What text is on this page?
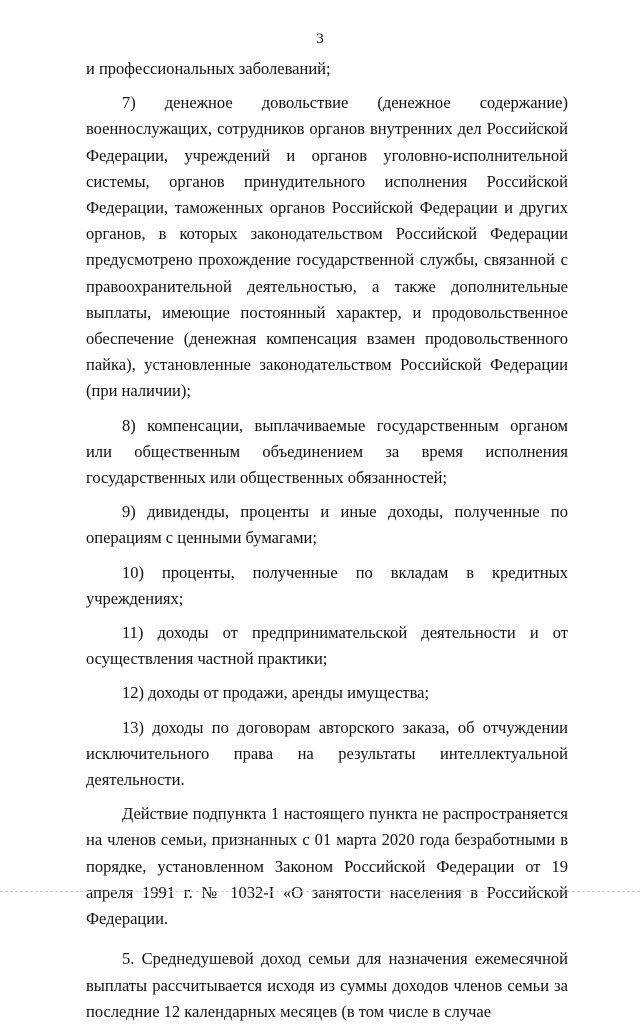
3

и профессиональных заболеваний;

7) денежное довольствие (денежное содержание) военнослужащих, сотрудников органов внутренних дел Российской Федерации, учреждений и органов уголовно-исполнительной системы, органов принудительного исполнения Российской Федерации, таможенных органов Российской Федерации и других органов, в которых законодательством Российской Федерации предусмотрено прохождение государственной службы, связанной с правоохранительной деятельностью, а также дополнительные выплаты, имеющие постоянный характер, и продовольственное обеспечение (денежная компенсация взамен продовольственного пайка), установленные законодательством Российской Федерации (при наличии);

8) компенсации, выплачиваемые государственным органом или общественным объединением за время исполнения государственных или общественных обязанностей;

9) дивиденды, проценты и иные доходы, полученные по операциям с ценными бумагами;

10) проценты, полученные по вкладам в кредитных учреждениях;

11) доходы от предпринимательской деятельности и от осуществления частной практики;

12) доходы от продажи, аренды имущества;

13) доходы по договорам авторского заказа, об отчуждении исключительного права на результаты интеллектуальной деятельности.

Действие подпункта 1 настоящего пункта не распространяется на членов семьи, признанных с 01 марта 2020 года безработными в порядке, установленном Законом Российской Федерации от 19 апреля 1991 г. № 1032-I «О занятости населения в Российской Федерации.

5. Среднедушевой доход семьи для назначения ежемесячной выплаты рассчитывается исходя из суммы доходов членов семьи за последние 12 календарных месяцев (в том числе в случае
